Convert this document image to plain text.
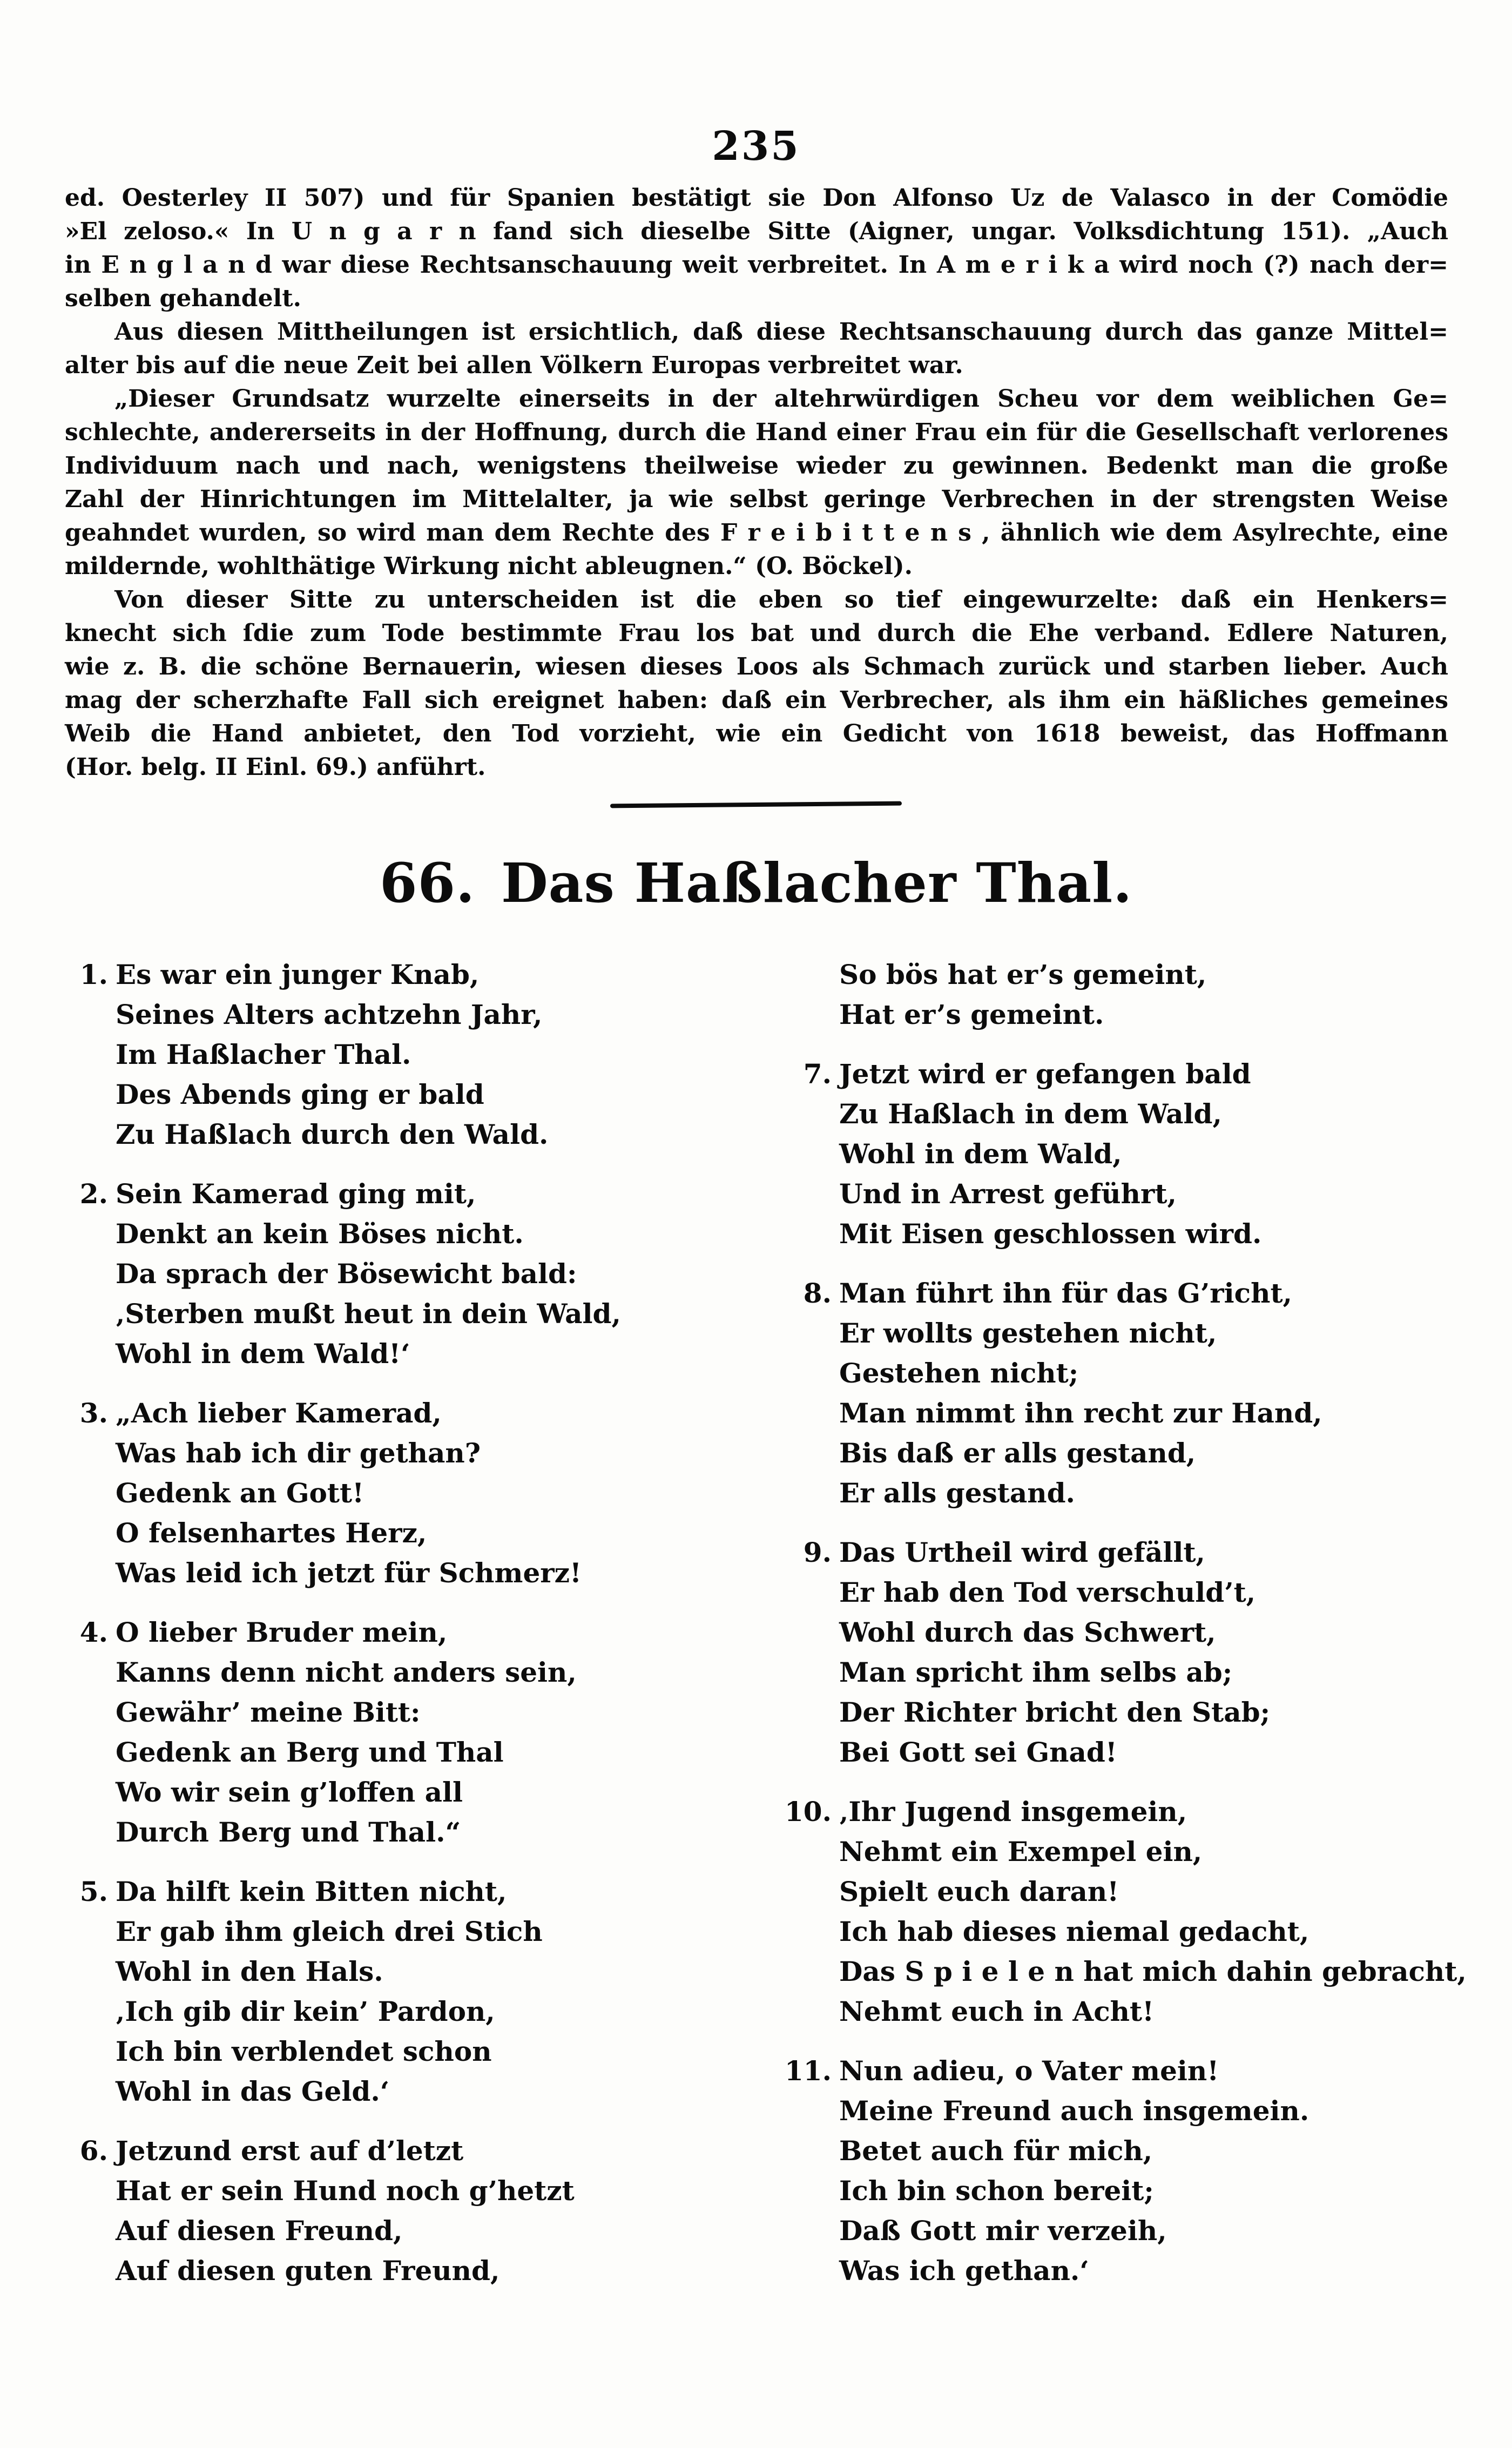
235
ed. Oesterley II 507) und für Spanien bestätigt sie Don Alfonso Uz de Valasco in der Comödie
»El zeloso.« In U n g a r n fand sich dieselbe Sitte (Aigner, ungar. Volksdichtung 151). „Auch
in E n g l a n d war diese Rechtsanschauung weit verbreitet. In A m e r i k a wird noch (?) nach der=
selben gehandelt.
Aus diesen Mittheilungen ist ersichtlich, daß diese Rechtsanschauung durch das ganze Mittel=
alter bis auf die neue Zeit bei allen Völkern Europas verbreitet war.
„Dieser Grundsatz wurzelte einerseits in der altehrwürdigen Scheu vor dem weiblichen Ge=
schlechte, andererseits in der Hoffnung, durch die Hand einer Frau ein für die Gesellschaft verlorenes
Individuum nach und nach, wenigstens theilweise wieder zu gewinnen. Bedenkt man die große
Zahl der Hinrichtungen im Mittelalter, ja wie selbst geringe Verbrechen in der strengsten Weise
geahndet wurden, so wird man dem Rechte des F r e i b i t t e n s , ähnlich wie dem Asylrechte, eine
mildernde, wohlthätige Wirkung nicht ableugnen.“ (O. Böckel).
Von dieser Sitte zu unterscheiden ist die eben so tief eingewurzelte: daß ein Henkers=
knecht sich ſdie zum Tode bestimmte Frau los bat und durch die Ehe verband. Edlere Naturen,
wie z. B. die schöne Bernauerin, wiesen dieses Loos als Schmach zurück und starben lieber. Auch
mag der scherzhafte Fall sich ereignet haben: daß ein Verbrecher, als ihm ein häßliches gemeines
Weib die Hand anbietet, den Tod vorzieht, wie ein Gedicht von 1618 beweist, das Hoffmann
(Hor. belg. II Einl. 69.) anführt.
66. Das Haßlacher Thal.
1. Es war ein junger Knab,
Seines Alters achtzehn Jahr,
Im Haßlacher Thal.
Des Abends ging er bald
Zu Haßlach durch den Wald.
2. Sein Kamerad ging mit,
Denkt an kein Böses nicht.
Da sprach der Bösewicht bald:
‚Sterben mußt heut in dein Wald,
Wohl in dem Wald!‘
3. „Ach lieber Kamerad,
Was hab ich dir gethan?
Gedenk an Gott!
O felsenhartes Herz,
Was leid ich jetzt für Schmerz!
4. O lieber Bruder mein,
Kanns denn nicht anders sein,
Gewähr’ meine Bitt:
Gedenk an Berg und Thal
Wo wir sein g’loffen all
Durch Berg und Thal.“
5. Da hilft kein Bitten nicht,
Er gab ihm gleich drei Stich
Wohl in den Hals.
‚Ich gib dir kein’ Pardon,
Ich bin verblendet schon
Wohl in das Geld.‘
6. Jetzund erst auf d’letzt
Hat er sein Hund noch g’hetzt
Auf diesen Freund,
Auf diesen guten Freund,
So bös hat er’s gemeint,
Hat er’s gemeint.
7. Jetzt wird er gefangen bald
Zu Haßlach in dem Wald,
Wohl in dem Wald,
Und in Arrest geführt,
Mit Eisen geschlossen wird.
8. Man führt ihn für das G’richt,
Er wollts gestehen nicht,
Gestehen nicht;
Man nimmt ihn recht zur Hand,
Bis daß er alls gestand,
Er alls gestand.
9. Das Urtheil wird gefällt,
Er hab den Tod verschuld’t,
Wohl durch das Schwert,
Man spricht ihm selbs ab;
Der Richter bricht den Stab;
Bei Gott sei Gnad!
10. ‚Ihr Jugend insgemein,
Nehmt ein Exempel ein,
Spielt euch daran!
Ich hab dieses niemal gedacht,
Das S p i e l e n hat mich dahin gebracht,
Nehmt euch in Acht!
11. Nun adieu, o Vater mein!
Meine Freund auch insgemein.
Betet auch für mich,
Ich bin schon bereit;
Daß Gott mir verzeih,
Was ich gethan.‘
